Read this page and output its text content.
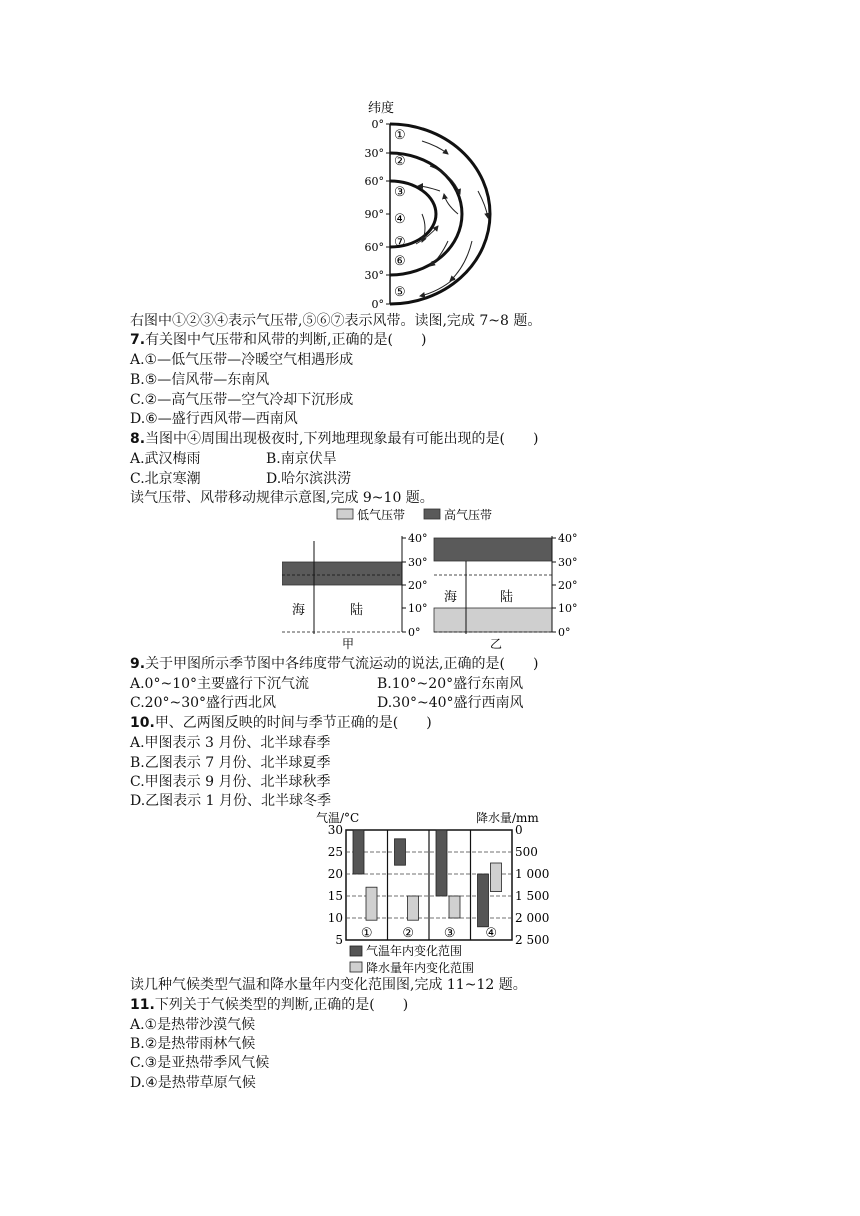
纬度
0°
30°
60°
90°
60°
30°
0°
①
②
③
④
⑦
⑥
⑤
右图中①②③④表示气压带,⑤⑥⑦表示风带。读图,完成 7~8 题。
7.有关图中气压带和风带的判断,正确的是(　　)
A.①—低气压带—冷暖空气相遇形成
B.⑤—信风带—东南风
C.②—高气压带—空气冷却下沉形成
D.⑥—盛行西风带—西南风
8.当图中④周围出现极夜时,下列地理现象最有可能出现的是(　　)
A.武汉梅雨	B.南京伏旱
C.北京寒潮	D.哈尔滨洪涝
读气压带、风带移动规律示意图,完成 9~10 题。
低气压带	高气压带
海	陆
40°
30°
20°
10°
0°
甲
海	陆
40°
30°
20°
10°
0°
乙
9.关于甲图所示季节图中各纬度带气流运动的说法,正确的是(　　)
A.0°~10°主要盛行下沉气流	B.10°~20°盛行东南风
C.20°~30°盛行西北风	D.30°~40°盛行西南风
10.甲、乙两图反映的时间与季节正确的是(　　)
A.甲图表示 3 月份、北半球春季
B.乙图表示 7 月份、北半球夏季
C.甲图表示 9 月份、北半球秋季
D.乙图表示 1 月份、北半球冬季
气温/°C	降水量/mm
① ② ③ ④
30
25
20
15
10
5
0
500
1 000
1 500
2 000
2 500
气温年内变化范围
降水量年内变化范围
读几种气候类型气温和降水量年内变化范围图,完成 11~12 题。
11.下列关于气候类型的判断,正确的是(　　)
A.①是热带沙漠气候
B.②是热带雨林气候
C.③是亚热带季风气候
D.④是热带草原气候
